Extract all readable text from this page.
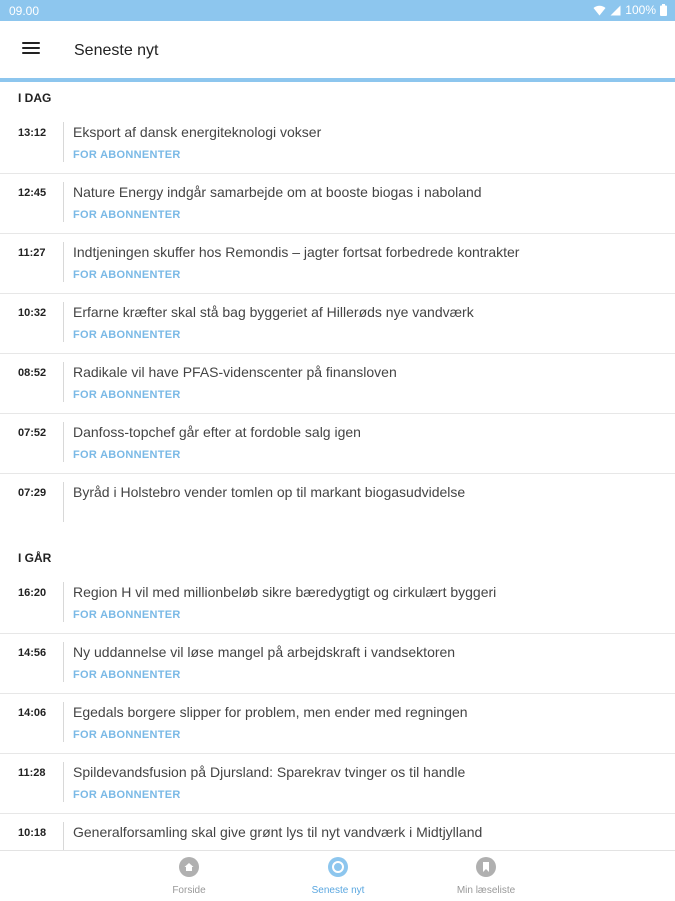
09.00	100%
Seneste nyt
I DAG
13:12 Eksport af dansk energiteknologi vokser
FOR ABONNENTER
12:45 Nature Energy indgår samarbejde om at booste biogas i naboland
FOR ABONNENTER
11:27 Indtjeningen skuffer hos Remondis – jagter fortsat forbedrede kontrakter
FOR ABONNENTER
10:32 Erfarne kræfter skal stå bag byggeriet af Hillerøds nye vandværk
FOR ABONNENTER
08:52 Radikale vil have PFAS-videnscenter på finansloven
FOR ABONNENTER
07:52 Danfoss-topchef går efter at fordoble salg igen
FOR ABONNENTER
07:29 Byråd i Holstebro vender tomlen op til markant biogasudvidelse
I GÅR
16:20 Region H vil med millionbeløb sikre bæredygtigt og cirkulært byggeri
FOR ABONNENTER
14:56 Ny uddannelse vil løse mangel på arbejdskraft i vandsektoren
FOR ABONNENTER
14:06 Egedals borgere slipper for problem, men ender med regningen
FOR ABONNENTER
11:28 Spildevandsfusion på Djursland: Sparekrav tvinger os til handle
FOR ABONNENTER
10:18 Generalforsamling skal give grønt lys til nyt vandværk i Midtjylland
Forside	Seneste nyt	Min læseliste
